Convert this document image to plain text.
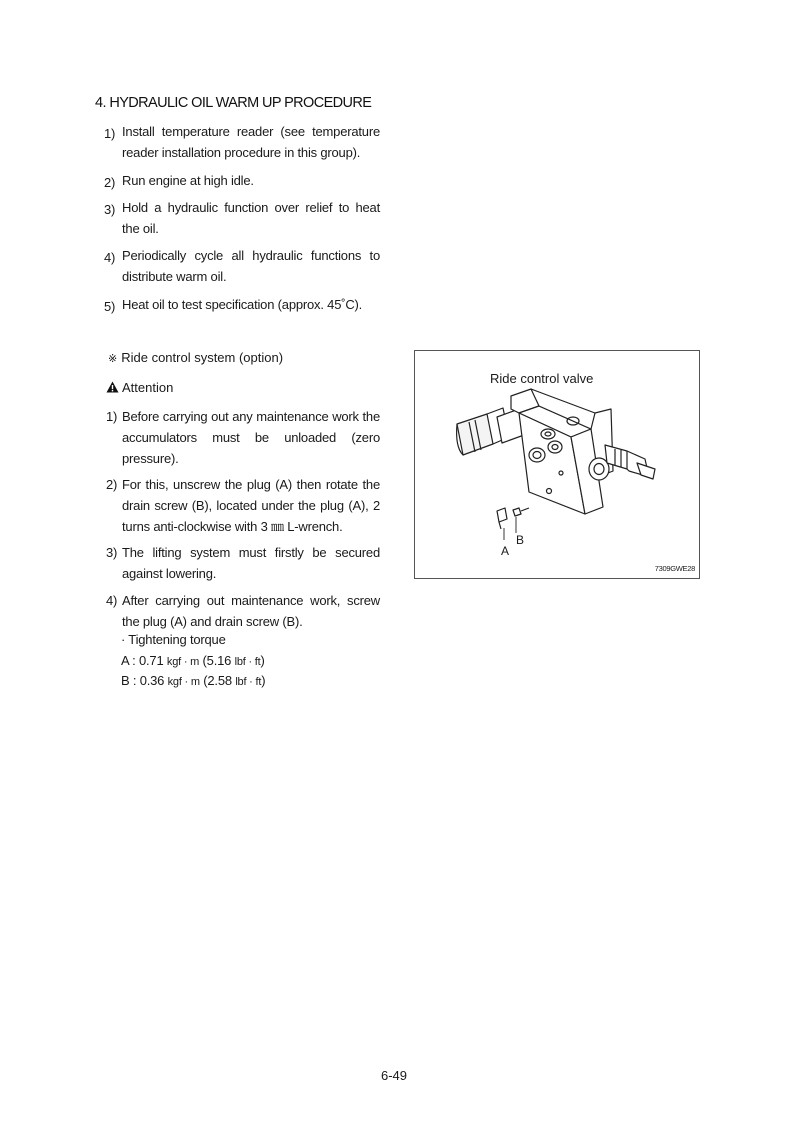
4. HYDRAULIC OIL WARM UP PROCEDURE
1) Install temperature reader (see temperature reader installation procedure in this group).
2) Run engine at high idle.
3) Hold a hydraulic function over relief to heat the oil.
4) Periodically cycle all hydraulic functions to distribute warm oil.
5) Heat oil to test specification (approx. 45˚C).
※ Ride control system (option)
Attention
1) Before carrying out any maintenance work the accumulators must be unloaded (zero pressure).
2) For this, unscrew the plug (A) then rotate the drain screw (B), located under the plug (A), 2 turns anti-clockwise with 3 ㎜ L-wrench.
3) The lifting system must firstly be secured against lowering.
4) After carrying out maintenance work, screw the plug (A) and drain screw (B).
· Tightening torque
A : 0.71 kgf · m (5.16 lbf · ft)
B : 0.36 kgf · m (2.58 lbf · ft)
Ride control valve
A
B
7309GWE28
6-49
